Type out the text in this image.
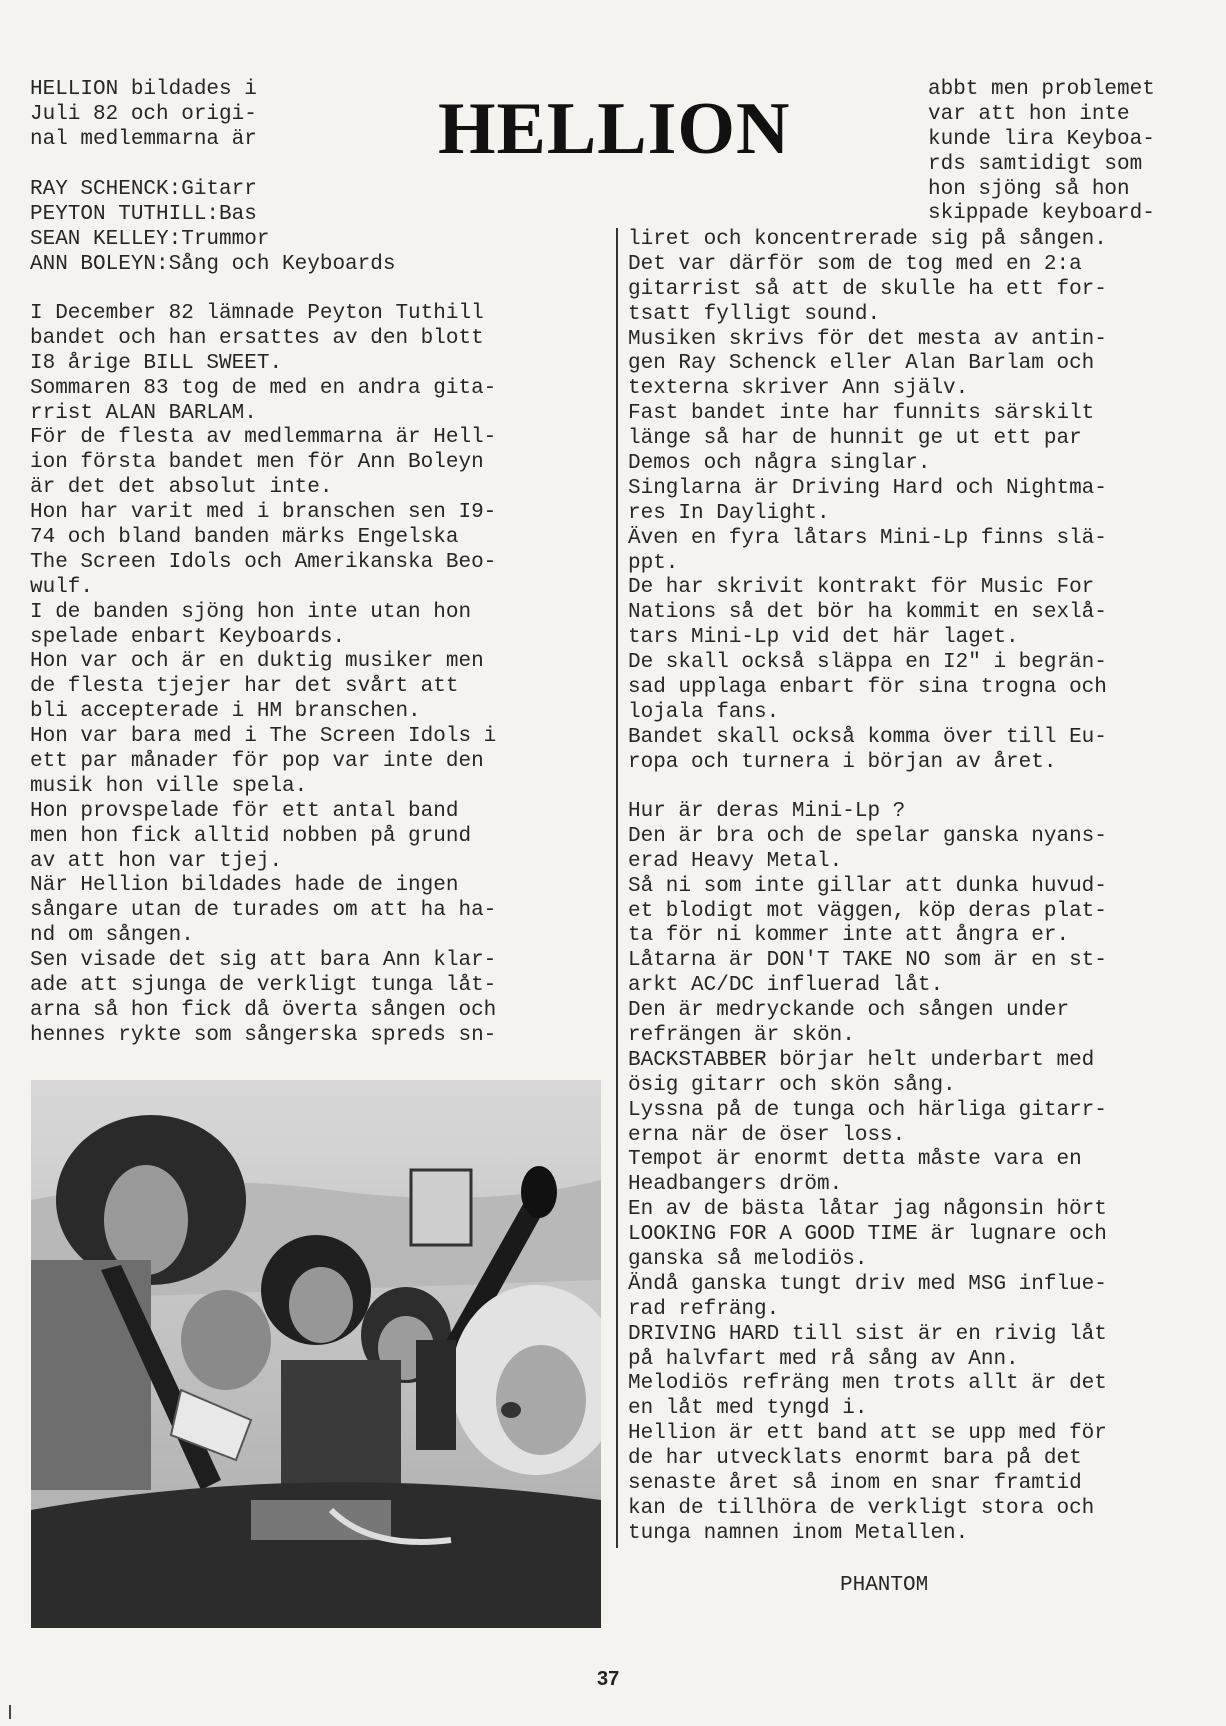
HELLION
HELLION bildades i
Juli 82 och origi-
nal medlemmarna är
RAY SCHENCK:Gitarr
PEYTON TUTHILL:Bas
SEAN KELLEY:Trummor
ANN BOLEYN:Sång och Keyboards
I December 82 lämnade Peyton Tuthill
bandet och han ersattes av den blott
I8 årige BILL SWEET.
Sommaren 83 tog de med en andra gita-
rrist ALAN BARLAM.
För de flesta av medlemmarna är Hell-
ion första bandet men för Ann Boleyn
är det det absolut inte.
Hon har varit med i branschen sen I9-
74 och bland banden märks Engelska
The Screen Idols och Amerikanska Beo-
wulf.
I de banden sjöng hon inte utan hon
spelade enbart Keyboards.
Hon var och är en duktig musiker men
de flesta tjejer har det svårt att
bli accepterade i HM branschen.
Hon var bara med i The Screen Idols i
ett par månader för pop var inte den
musik hon ville spela.
Hon provspelade för ett antal band
men hon fick alltid nobben på grund
av att hon var tjej.
När Hellion bildades hade de ingen
sångare utan de turades om att ha ha-
nd om sången.
Sen visade det sig att bara Ann klar-
ade att sjunga de verkligt tunga låt-
arna så hon fick då överta sången och
hennes rykte som sångerska spreds sn-
abbt men problemet
var att hon inte
kunde lira Keyboa-
rds samtidigt som
hon sjöng så hon
skippade keyboard-
liret och koncentrerade sig på sången.
Det var därför som de tog med en 2:a
gitarrist så att de skulle ha ett for-
tsatt fylligt sound.
Musiken skrivs för det mesta av antin-
gen Ray Schenck eller Alan Barlam och
texterna skriver Ann själv.
Fast bandet inte har funnits särskilt
länge så har de hunnit ge ut ett par
Demos och några singlar.
Singlarna är Driving Hard och Nightma-
res In Daylight.
Även en fyra låtars Mini-Lp finns slä-
ppt.
De har skrivit kontrakt för Music For
Nations så det bör ha kommit en sexlå-
tars Mini-Lp vid det här laget.
De skall också släppa en I2" i begrän-
sad upplaga enbart för sina trogna och
lojala fans.
Bandet skall också komma över till Eu-
ropa och turnera i början av året.
Hur är deras Mini-Lp ?
Den är bra och de spelar ganska nyans-
erad Heavy Metal.
Så ni som inte gillar att dunka huvud-
et blodigt mot väggen, köp deras plat-
ta för ni kommer inte att ångra er.
Låtarna är DON'T TAKE NO som är en st-
arkt AC/DC influerad låt.
Den är medryckande och sången under
refrängen är skön.
BACKSTABBER börjar helt underbart med
ösig gitarr och skön sång.
Lyssna på de tunga och härliga gitarr-
erna när de öser loss.
Tempot är enormt detta måste vara en
Headbangers dröm.
En av de bästa låtar jag någonsin hört
LOOKING FOR A GOOD TIME är lugnare och
ganska så melodiös.
Ändå ganska tungt driv med MSG influe-
rad refräng.
DRIVING HARD till sist är en rivig låt
på halvfart med rå sång av Ann.
Melodiös refräng men trots allt är det
en låt med tyngd i.
Hellion är ett band att se upp med för
de har utvecklats enormt bara på det
senaste året så inom en snar framtid
kan de tillhöra de verkligt stora och
tunga namnen inom Metallen.
PHANTOM
37
